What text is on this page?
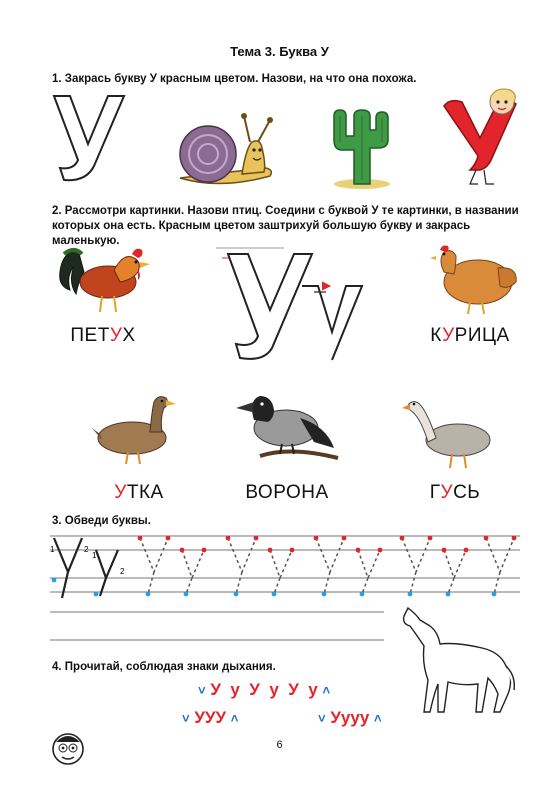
Тема 3. Буква У
1. Закрась букву У красным цветом. Назови, на что она похожа.
2. Рассмотри картинки. Назови птиц. Соедини с буквой У те картинки, в названии которых она есть. Красным цветом заштрихуй большую букву и закрась маленькую.
ПЕТУХ	КУРИЦА
УТКА	ВОРОНА	ГУСЬ
3. Обведи буквы.
1	2
1
2
4. Прочитай, соблюдая знаки дыхания.
˅ У у У у У у ˄
˅ УУУ ˄	˅ Уууу ˄
6
